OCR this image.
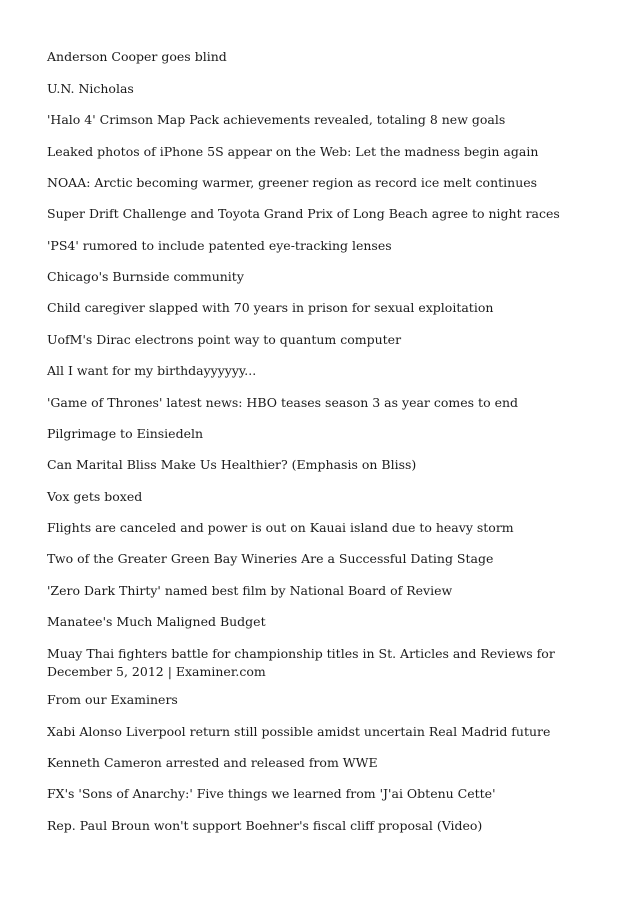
Anderson Cooper goes blind
U.N. Nicholas
'Halo 4' Crimson Map Pack achievements revealed, totaling 8 new goals
Leaked photos of iPhone 5S appear on the Web: Let the madness begin again
NOAA: Arctic becoming warmer, greener region as record ice melt continues
Super Drift Challenge and Toyota Grand Prix of Long Beach agree to night races
'PS4' rumored to include patented eye-tracking lenses
Chicago's Burnside community
Child caregiver slapped with 70 years in prison for sexual exploitation
UofM's Dirac electrons point way to quantum computer
All I want for my birthdayyyyyy...
'Game of Thrones' latest news: HBO teases season 3 as year comes to end
Pilgrimage to Einsiedeln
Can Marital Bliss Make Us Healthier? (Emphasis on Bliss)
Vox gets boxed
Flights are canceled and power is out on Kauai island due to heavy storm
Two of the Greater Green Bay Wineries Are a Successful Dating Stage
'Zero Dark Thirty' named best film by National Board of Review
Manatee's Much Maligned Budget
Muay Thai fighters battle for championship titles in St. Articles and Reviews for December 5, 2012 | Examiner.com
From our Examiners
Xabi Alonso Liverpool return still possible amidst uncertain Real Madrid future
Kenneth Cameron arrested and released from WWE
FX's 'Sons of Anarchy:' Five things we learned from 'J'ai Obtenu Cette'
Rep. Paul Broun won't support Boehner's fiscal cliff proposal (Video)
